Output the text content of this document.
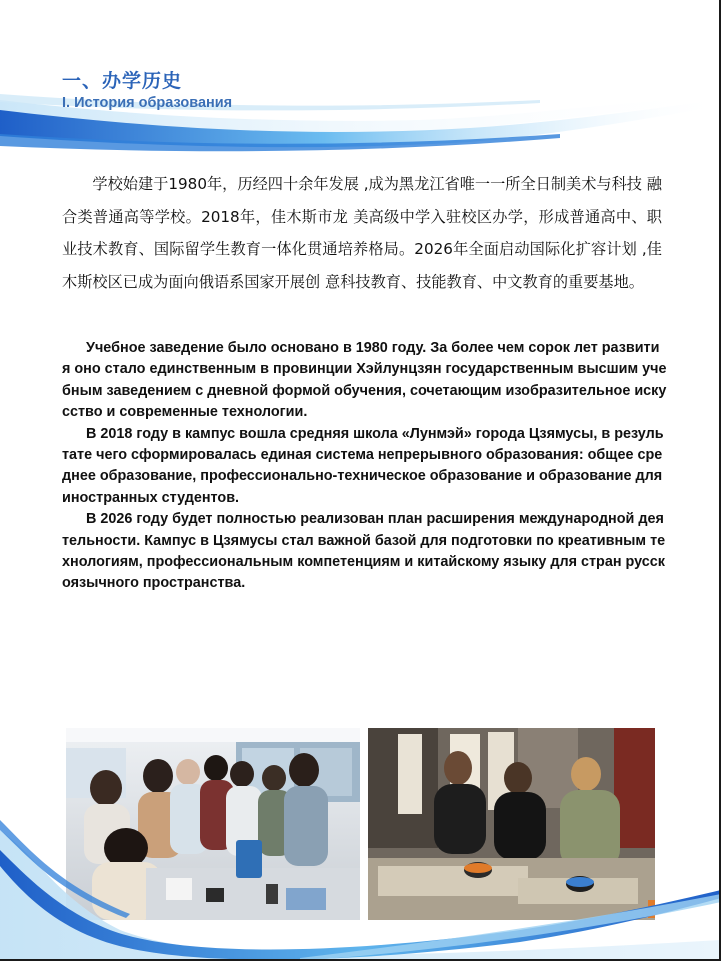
一、办学历史
I. История образования

学校始建于1980年，历经四十余年发展 ,成为黑龙江省唯一一所全日制美术与科技 融合类普通高等学校。2018年，佳木斯市龙 美高级中学入驻校区办学，形成普通高中、职业技术教育、国际留学生教育一体化贯通培养格局。2026年全面启动国际化扩容计划 ,佳木斯校区已成为面向俄语系国家开展创 意科技教育、技能教育、中文教育的重要基地。

Учебное заведение было основано в 1980 году. За более чем сорок лет развития оно стало единственным в провинции Хэйлунцзян государственным высшим учебным заведением с дневной формой обучения, сочетающим изобразительное искусство и современные технологии.

В 2018 году в кампус вошла средняя школа «Лунмэй» города Цзямусы, в результате чего сформировалась единая система непрерывного образования: общее среднее образование, профессионально-техническое образование и образование для иностранных студентов.

В 2026 году будет полностью реализован план расширения международной деятельности. Кампус в Цзямусы стал важной базой для подготовки по креативным технологиям, профессиональным компетенциям и китайскому языку для стран русскоязычного пространства.
